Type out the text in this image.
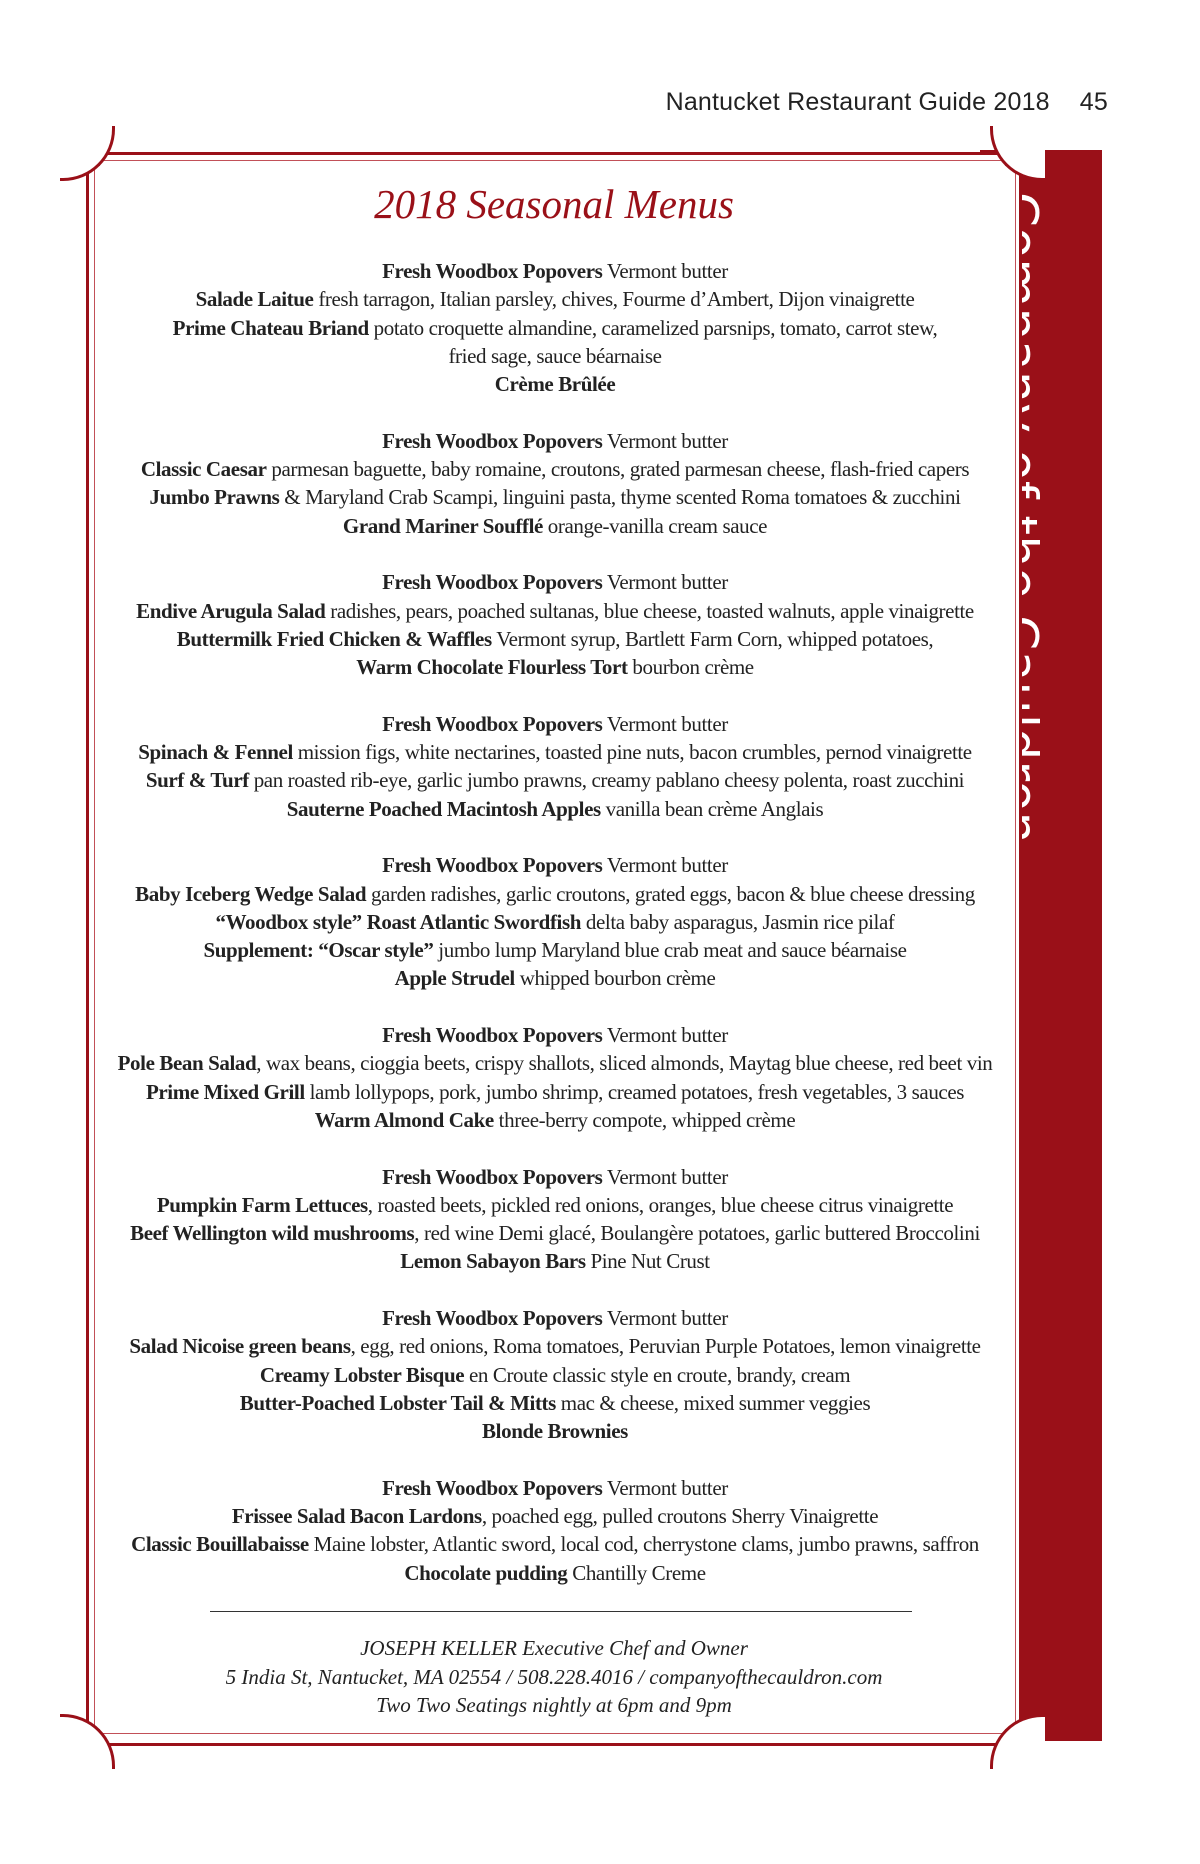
Nantucket Restaurant Guide 2018 45
2018 Seasonal Menus
Fresh Woodbox Popovers Vermont butter
Salade Laitue fresh tarragon, Italian parsley, chives, Fourme d’Ambert, Dijon vinaigrette
Prime Chateau Briand potato croquette almandine, caramelized parsnips, tomato, carrot stew,
fried sage, sauce béarnaise
Crème Brûlée
Fresh Woodbox Popovers Vermont butter
Classic Caesar parmesan baguette, baby romaine, croutons, grated parmesan cheese, flash-fried capers
Jumbo Prawns & Maryland Crab Scampi, linguini pasta, thyme scented Roma tomatoes & zucchini
Grand Mariner Soufflé orange-vanilla cream sauce
Fresh Woodbox Popovers Vermont butter
Endive Arugula Salad radishes, pears, poached sultanas, blue cheese, toasted walnuts, apple vinaigrette
Buttermilk Fried Chicken & Waffles Vermont syrup, Bartlett Farm Corn, whipped potatoes,
Warm Chocolate Flourless Tort bourbon crème
Fresh Woodbox Popovers Vermont butter
Spinach & Fennel mission figs, white nectarines, toasted pine nuts, bacon crumbles, pernod vinaigrette
Surf & Turf pan roasted rib-eye, garlic jumbo prawns, creamy pablano cheesy polenta, roast zucchini
Sauterne Poached Macintosh Apples vanilla bean crème Anglais
Fresh Woodbox Popovers Vermont butter
Baby Iceberg Wedge Salad garden radishes, garlic croutons, grated eggs, bacon & blue cheese dressing
“Woodbox style” Roast Atlantic Swordfish delta baby asparagus, Jasmin rice pilaf
Supplement: “Oscar style” jumbo lump Maryland blue crab meat and sauce béarnaise
Apple Strudel whipped bourbon crème
Fresh Woodbox Popovers Vermont butter
Pole Bean Salad, wax beans, cioggia beets, crispy shallots, sliced almonds, Maytag blue cheese, red beet vin
Prime Mixed Grill lamb lollypops, pork, jumbo shrimp, creamed potatoes, fresh vegetables, 3 sauces
Warm Almond Cake three-berry compote, whipped crème
Fresh Woodbox Popovers Vermont butter
Pumpkin Farm Lettuces, roasted beets, pickled red onions, oranges, blue cheese citrus vinaigrette
Beef Wellington wild mushrooms, red wine Demi glacé, Boulangère potatoes, garlic buttered Broccolini
Lemon Sabayon Bars Pine Nut Crust
Fresh Woodbox Popovers Vermont butter
Salad Nicoise green beans, egg, red onions, Roma tomatoes, Peruvian Purple Potatoes, lemon vinaigrette
Creamy Lobster Bisque en Croute classic style en croute, brandy, cream
Butter-Poached Lobster Tail & Mitts mac & cheese, mixed summer veggies
Blonde Brownies
Fresh Woodbox Popovers Vermont butter
Frissee Salad Bacon Lardons, poached egg, pulled croutons Sherry Vinaigrette
Classic Bouillabaisse Maine lobster, Atlantic sword, local cod, cherrystone clams, jumbo prawns, saffron
Chocolate pudding Chantilly Creme
JOSEPH KELLER Executive Chef and Owner
5 India St, Nantucket, MA 02554 / 508.228.4016 / companyofthecauldron.com
Two Two Seatings nightly at 6pm and 9pm
